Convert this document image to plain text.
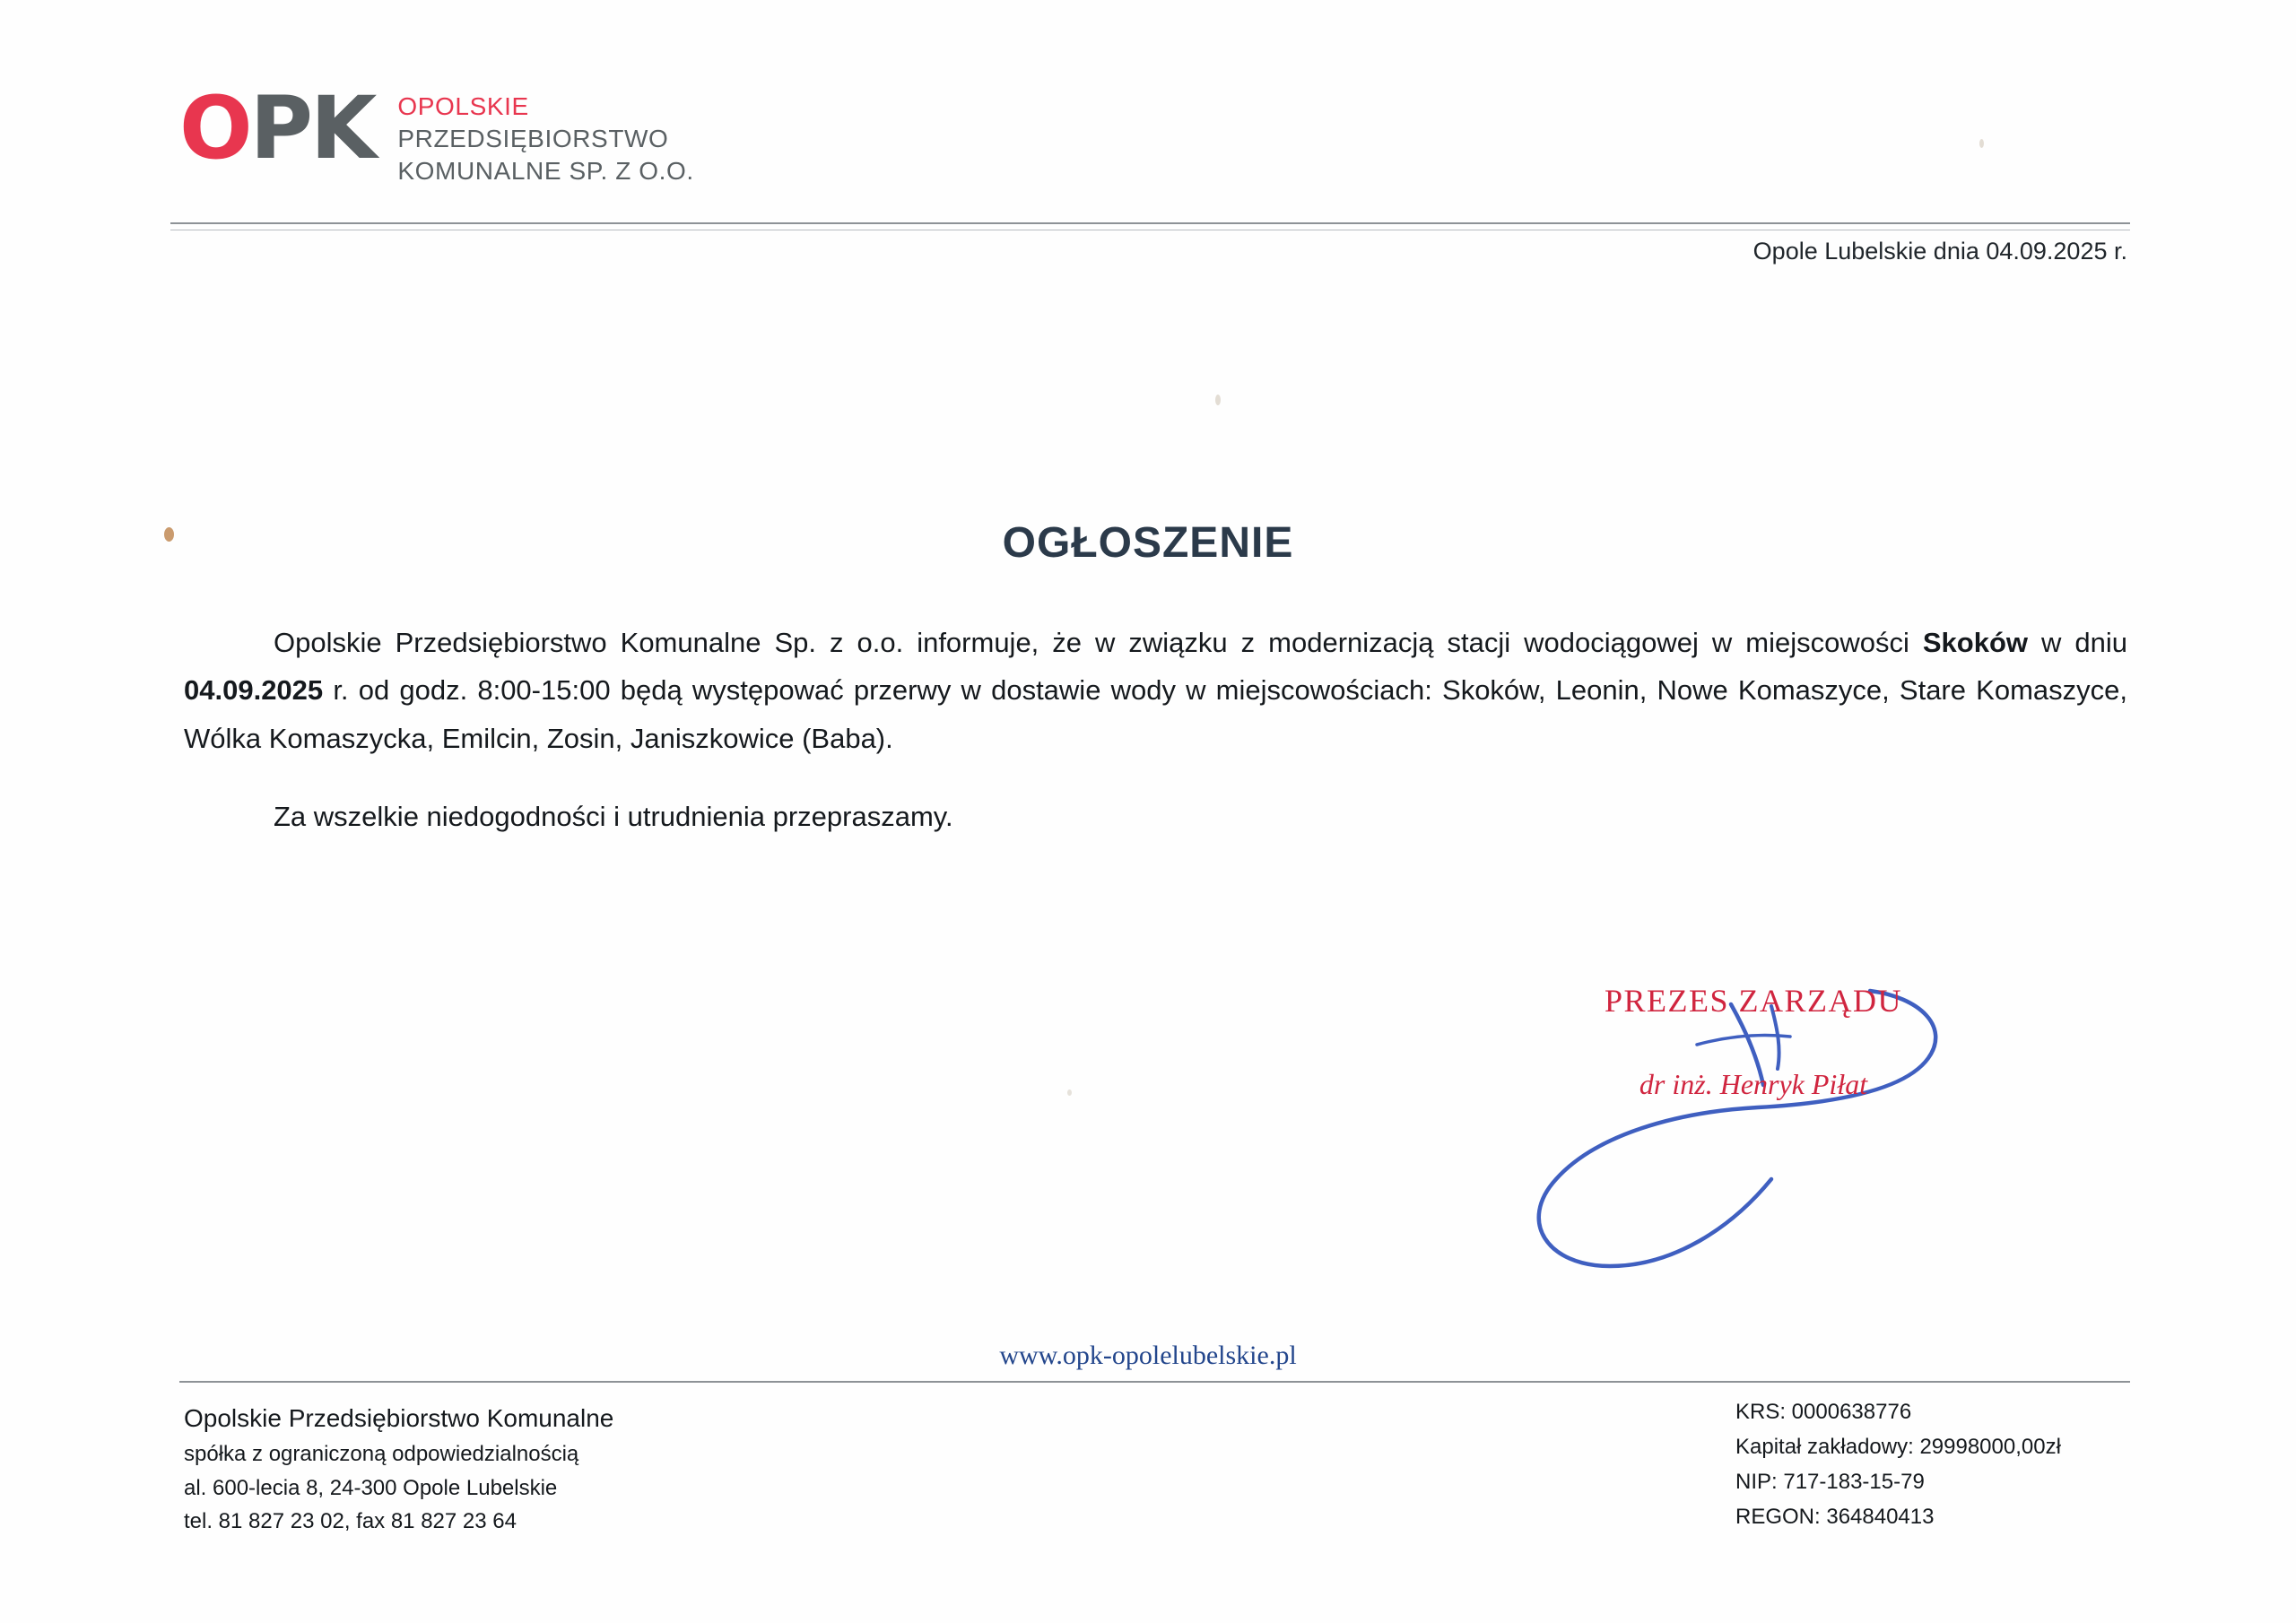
O PK OPOLSKIE
PRZEDSIĘBIORSTWO
KOMUNALNE SP. Z O.O.
Opole Lubelskie dnia 04.09.2025 r.
OGŁOSZENIE

Opolskie Przedsiębiorstwo Komunalne Sp. z o.o. informuje, że w związku z modernizacją stacji wodociągowej w miejscowości Skoków w dniu 04.09.2025 r. od godz. 8:00-15:00 będą występować przerwy w dostawie wody w miejscowościach: Skoków, Leonin, Nowe Komaszyce, Stare Komaszyce, Wólka Komaszycka, Emilcin, Zosin, Janiszkowice (Baba).

Za wszelkie niedogodności i utrudnienia przepraszamy.

PREZES ZARZĄDU
dr inż. Henryk Piłat
www.opk-opolelubelskie.pl
Opolskie Przedsiębiorstwo Komunalne
spółka z ograniczoną odpowiedzialnością
al. 600-lecia 8, 24-300 Opole Lubelskie
tel. 81 827 23 02, fax 81 827 23 64
KRS: 0000638776
Kapitał zakładowy: 29998000,00zł
NIP: 717-183-15-79
REGON: 364840413
